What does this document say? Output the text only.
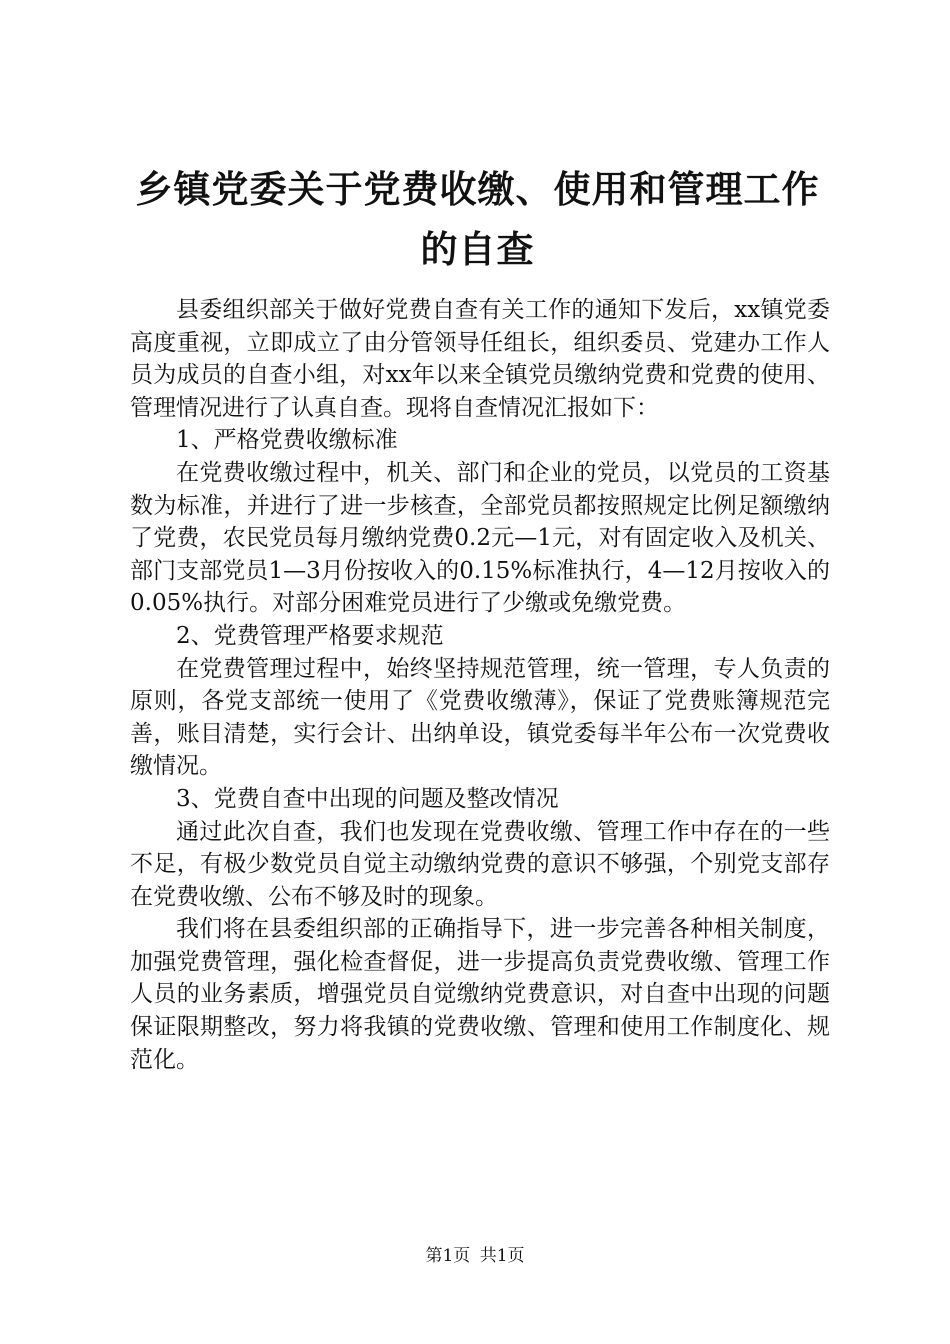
乡镇党委关于党费收缴、使用和管理工作的自查

县委组织部关于做好党费自查有关工作的通知下发后，xx镇党委高度重视，立即成立了由分管领导任组长，组织委员、党建办工作人员为成员的自查小组，对xx年以来全镇党员缴纳党费和党费的使用、管理情况进行了认真自查。现将自查情况汇报如下：

1、严格党费收缴标准

在党费收缴过程中，机关、部门和企业的党员，以党员的工资基数为标准，并进行了进一步核查，全部党员都按照规定比例足额缴纳了党费，农民党员每月缴纳党费0.2元—1元，对有固定收入及机关、部门支部党员1—3月份按收入的0.15%标准执行，4—12月按收入的0.05%执行。对部分困难党员进行了少缴或免缴党费。

2、党费管理严格要求规范

在党费管理过程中，始终坚持规范管理，统一管理，专人负责的原则，各党支部统一使用了《党费收缴薄》，保证了党费账簿规范完善，账目清楚，实行会计、出纳单设，镇党委每半年公布一次党费收缴情况。

3、党费自查中出现的问题及整改情况

通过此次自查，我们也发现在党费收缴、管理工作中存在的一些不足，有极少数党员自觉主动缴纳党费的意识不够强，个别党支部存在党费收缴、公布不够及时的现象。

我们将在县委组织部的正确指导下，进一步完善各种相关制度，加强党费管理，强化检查督促，进一步提高负责党费收缴、管理工作人员的业务素质，增强党员自觉缴纳党费意识，对自查中出现的问题保证限期整改，努力将我镇的党费收缴、管理和使用工作制度化、规范化。

第1页 共1页
